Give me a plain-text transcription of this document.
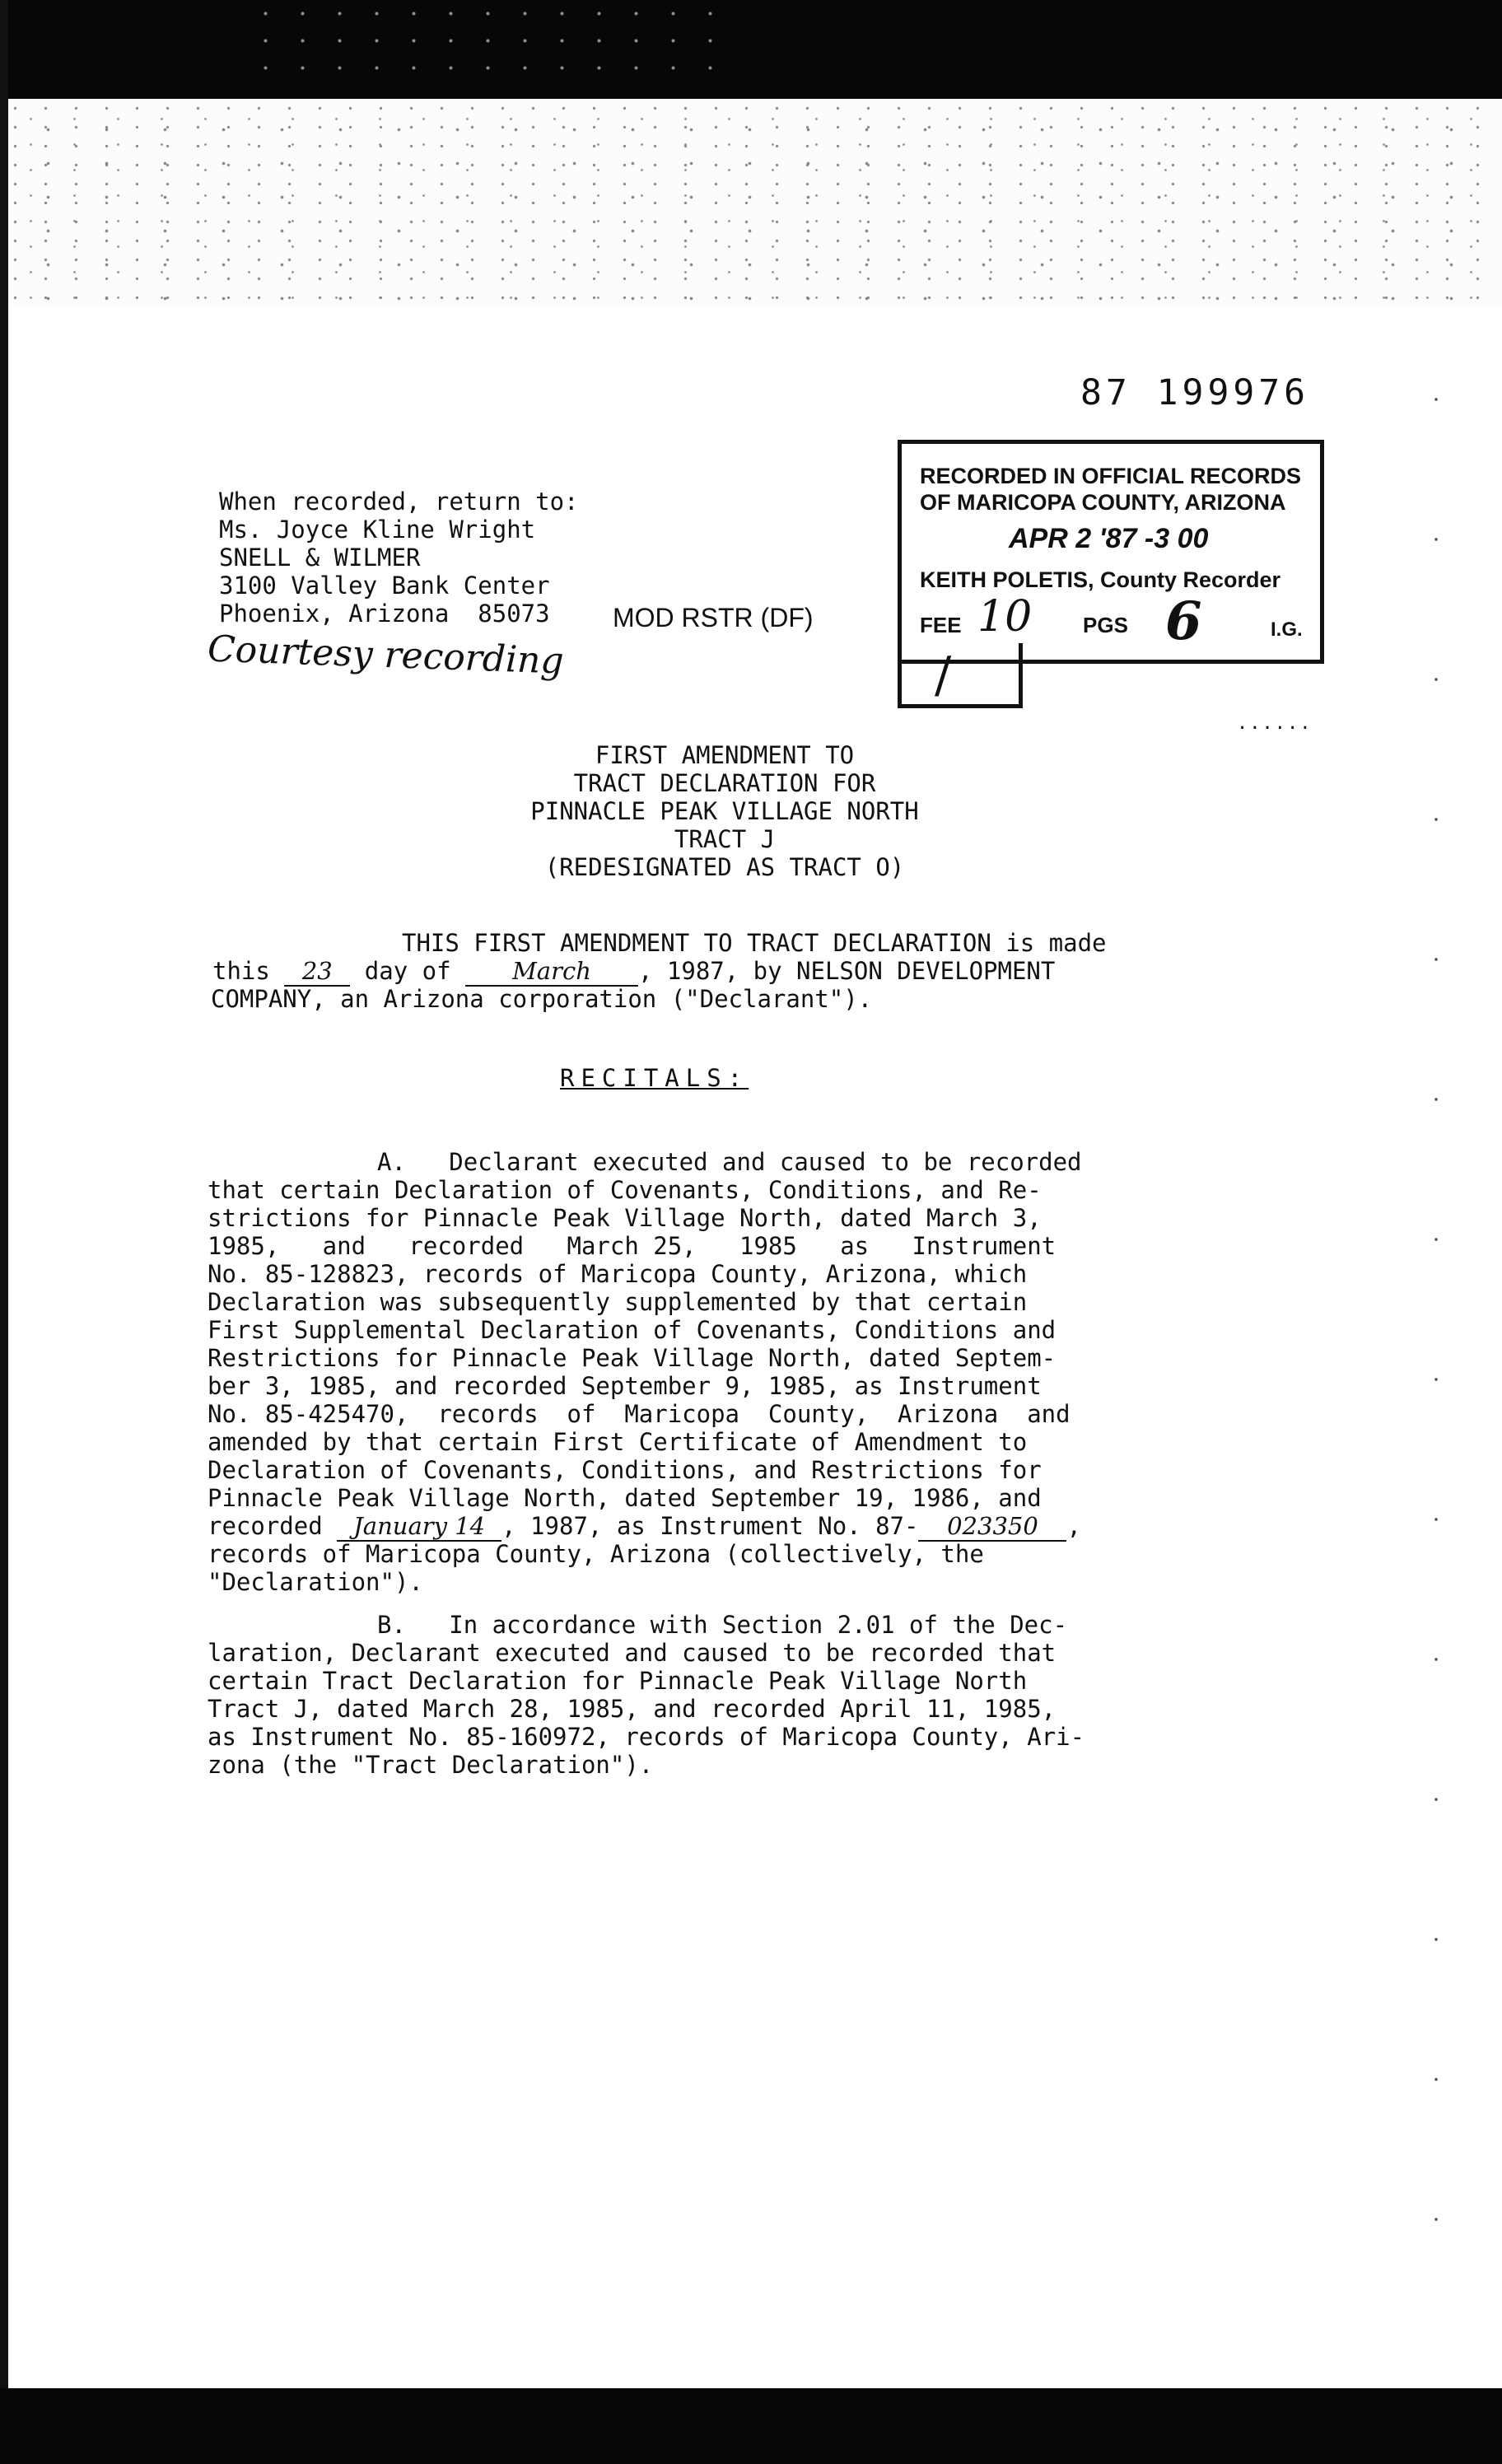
87 199976
When recorded, return to:
Ms. Joyce Kline Wright
SNELL & WILMER
3100 Valley Bank Center
Phoenix, Arizona  85073	MOD RSTR (DF)
Courtesy recording
RECORDED IN OFFICIAL RECORDS
OF MARICOPA COUNTY, ARIZONA
APR 2 '87 -3 00
KEITH POLETIS, County Recorder
FEE 10 PGS 6	I.G.
/
......
FIRST AMENDMENT TO
TRACT DECLARATION FOR
PINNACLE PEAK VILLAGE NORTH
TRACT J
(REDESIGNATED AS TRACT O)
THIS FIRST AMENDMENT TO TRACT DECLARATION is made
this 23 day of March , 1987, by NELSON DEVELOPMENT
COMPANY, an Arizona corporation ("Declarant").
RECITALS:
A.   Declarant executed and caused to be recorded
that certain Declaration of Covenants, Conditions, and Re-
strictions for Pinnacle Peak Village North, dated March 3,
1985,   and   recorded   March 25,   1985   as   Instrument
No. 85-128823, records of Maricopa County, Arizona, which
Declaration was subsequently supplemented by that certain
First Supplemental Declaration of Covenants, Conditions and
Restrictions for Pinnacle Peak Village North, dated Septem-
ber 3, 1985, and recorded September 9, 1985, as Instrument
No. 85-425470,  records  of  Maricopa  County,  Arizona  and
amended by that certain First Certificate of Amendment to
Declaration of Covenants, Conditions, and Restrictions for
Pinnacle Peak Village North, dated September 19, 1986, and
recorded January 14 , 1987, as Instrument No. 87- 023350 ,
records of Maricopa County, Arizona (collectively, the
"Declaration").
B.   In accordance with Section 2.01 of the Dec-
laration, Declarant executed and caused to be recorded that
certain Tract Declaration for Pinnacle Peak Village North
Tract J, dated March 28, 1985, and recorded April 11, 1985,
as Instrument No. 85-160972, records of Maricopa County, Ari-
zona (the "Tract Declaration").
